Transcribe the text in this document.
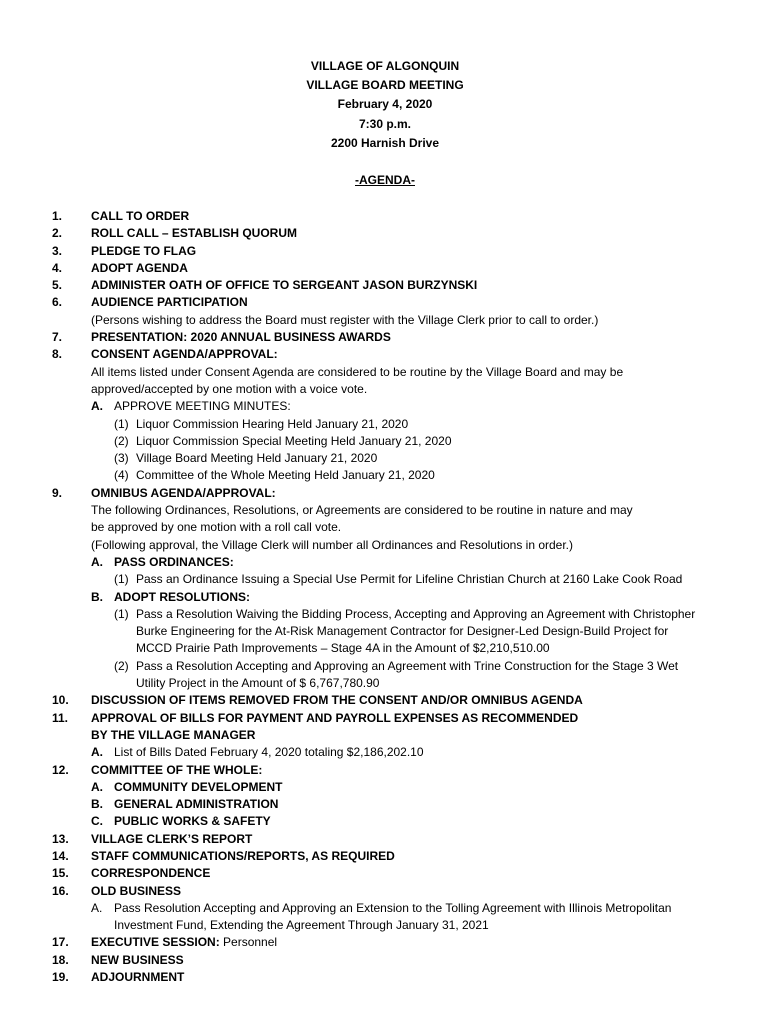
VILLAGE OF ALGONQUIN
VILLAGE BOARD MEETING
February 4, 2020
7:30 p.m.
2200 Harnish Drive
-AGENDA-
1. CALL TO ORDER
2. ROLL CALL – ESTABLISH QUORUM
3. PLEDGE TO FLAG
4. ADOPT AGENDA
5. ADMINISTER OATH OF OFFICE TO SERGEANT JASON BURZYNSKI
6. AUDIENCE PARTICIPATION
(Persons wishing to address the Board must register with the Village Clerk prior to call to order.)
7. PRESENTATION: 2020 ANNUAL BUSINESS AWARDS
8. CONSENT AGENDA/APPROVAL:
All items listed under Consent Agenda are considered to be routine by the Village Board and may be
approved/accepted by one motion with a voice vote.
A. APPROVE MEETING MINUTES:
(1) Liquor Commission Hearing Held January 21, 2020
(2) Liquor Commission Special Meeting Held January 21, 2020
(3) Village Board Meeting Held January 21, 2020
(4) Committee of the Whole Meeting Held January 21, 2020
9. OMNIBUS AGENDA/APPROVAL:
The following Ordinances, Resolutions, or Agreements are considered to be routine in nature and may
be approved by one motion with a roll call vote.
(Following approval, the Village Clerk will number all Ordinances and Resolutions in order.)
A. PASS ORDINANCES:
(1) Pass an Ordinance Issuing a Special Use Permit for Lifeline Christian Church at 2160 Lake Cook Road
B. ADOPT RESOLUTIONS:
(1) Pass a Resolution Waiving the Bidding Process, Accepting and Approving an Agreement with Christopher
Burke Engineering for the At-Risk Management Contractor for Designer-Led Design-Build Project for
MCCD Prairie Path Improvements – Stage 4A in the Amount of $2,210,510.00
(2) Pass a Resolution Accepting and Approving an Agreement with Trine Construction for the Stage 3 Wet
Utility Project in the Amount of $ 6,767,780.90
10. DISCUSSION OF ITEMS REMOVED FROM THE CONSENT AND/OR OMNIBUS AGENDA
11. APPROVAL OF BILLS FOR PAYMENT AND PAYROLL EXPENSES AS RECOMMENDED
BY THE VILLAGE MANAGER
A. List of Bills Dated February 4, 2020 totaling $2,186,202.10
12. COMMITTEE OF THE WHOLE:
A. COMMUNITY DEVELOPMENT
B. GENERAL ADMINISTRATION
C. PUBLIC WORKS & SAFETY
13. VILLAGE CLERK’S REPORT
14. STAFF COMMUNICATIONS/REPORTS, AS REQUIRED
15. CORRESPONDENCE
16. OLD BUSINESS
A. Pass Resolution Accepting and Approving an Extension to the Tolling Agreement with Illinois Metropolitan
Investment Fund, Extending the Agreement Through January 31, 2021
17. EXECUTIVE SESSION: Personnel
18. NEW BUSINESS
19. ADJOURNMENT
